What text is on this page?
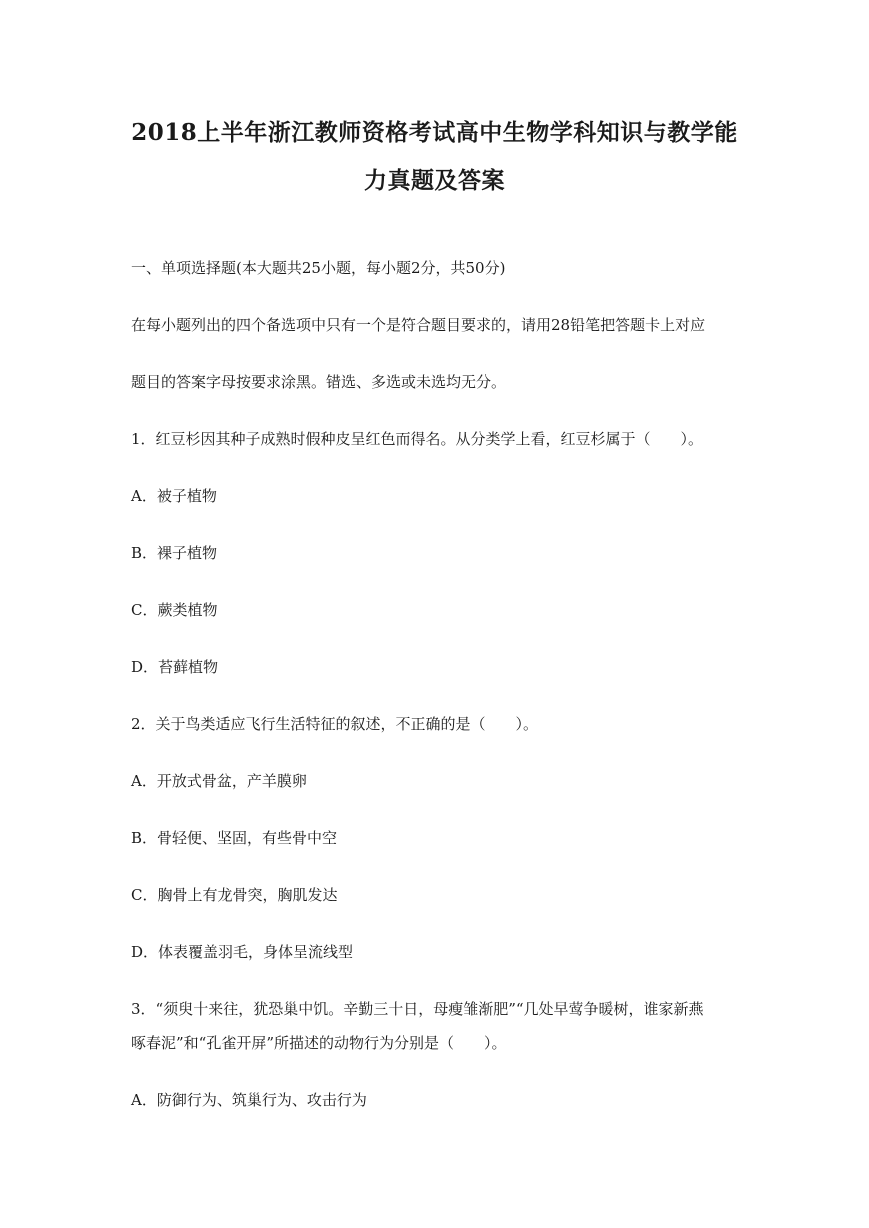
2018上半年浙江教师资格考试高中生物学科知识与教学能
力真题及答案
一、单项选择题(本大题共25小题，每小题2分，共50分)
在每小题列出的四个备选项中只有一个是符合题目要求的，请用28铅笔把答题卡上对应
题目的答案字母按要求涂黑。错选、多选或未选均无分。
1．红豆杉因其种子成熟时假种皮呈红色而得名。从分类学上看，红豆杉属于（　　）。
A．被子植物
B．裸子植物
C．蕨类植物
D．苔藓植物
2．关于鸟类适应飞行生活特征的叙述，不正确的是（　　）。
A．开放式骨盆，产羊膜卵
B．骨轻便、坚固，有些骨中空
C．胸骨上有龙骨突，胸肌发达
D．体表覆盖羽毛，身体呈流线型
3．“须臾十来往，犹恐巢中饥。辛勤三十日，母瘦雏渐肥”“几处早莺争暖树，谁家新燕
啄春泥”和“孔雀开屏”所描述的动物行为分别是（　　）。
A．防御行为、筑巢行为、攻击行为
